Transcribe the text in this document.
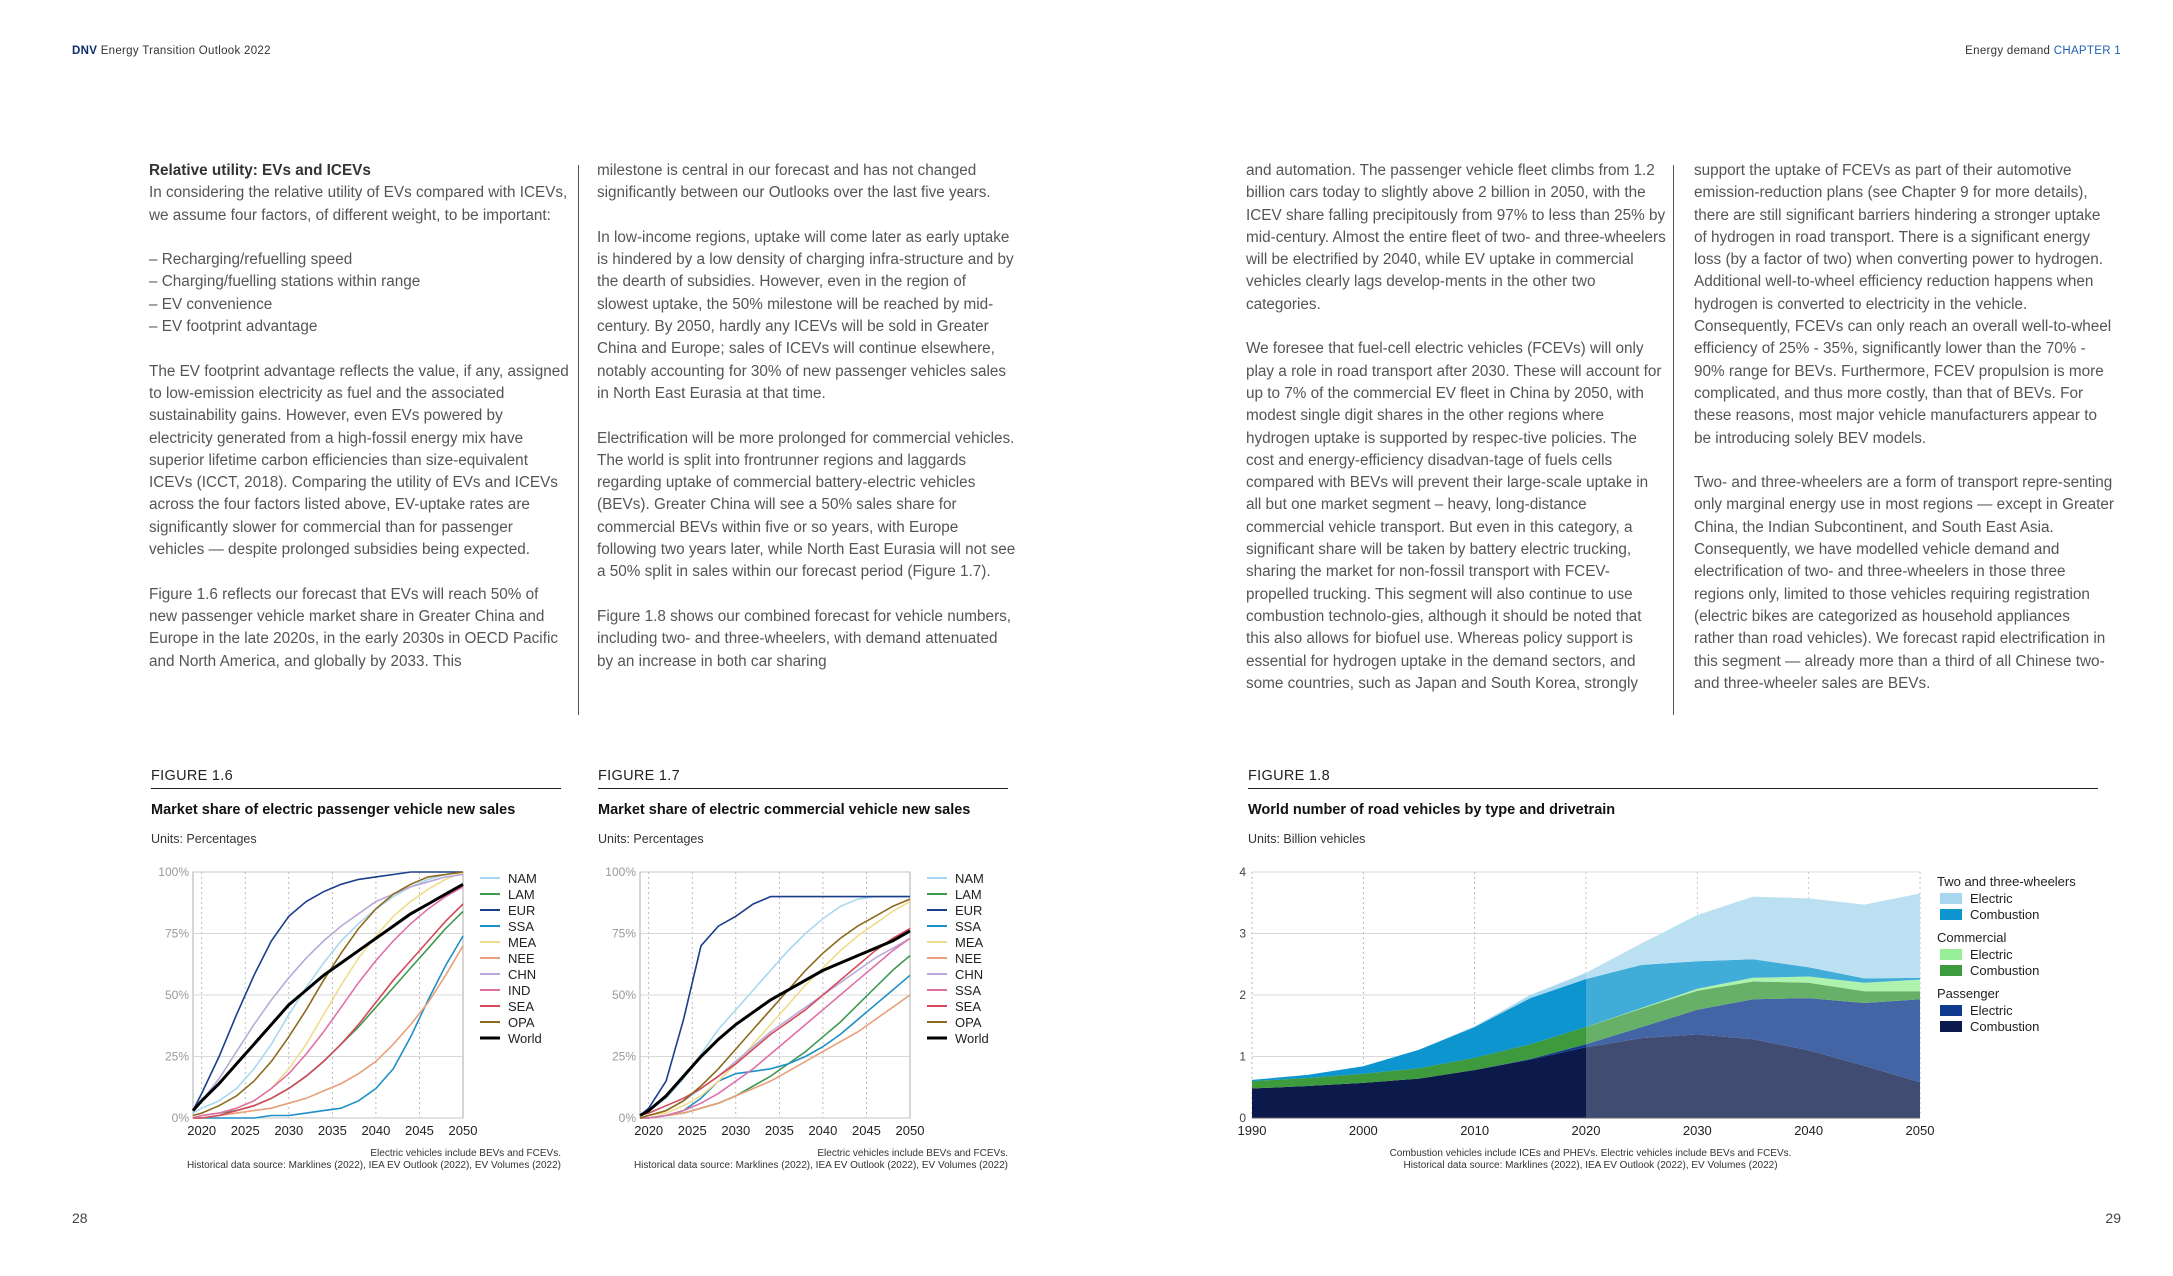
DNV Energy Transition Outlook 2022	Energy demand CHAPTER 1
Relative utility: EVs and ICEVs

In considering the relative utility of EVs compared with ICEVs, we assume four factors, of different weight, to be important:

– Recharging/refuelling speed
– Charging/fuelling stations within range
– EV convenience
– EV footprint advantage

The EV footprint advantage reflects the value, if any, assigned to low-emission electricity as fuel and the associated sustainability gains. However, even EVs powered by electricity generated from a high-fossil energy mix have superior lifetime carbon efficiencies than size-equivalent ICEVs (ICCT, 2018). Comparing the utility of EVs and ICEVs across the four factors listed above, EV-uptake rates are significantly slower for commercial than for passenger vehicles — despite prolonged subsidies being expected.

Figure 1.6 reflects our forecast that EVs will reach 50% of new passenger vehicle market share in Greater China and Europe in the late 2020s, in the early 2030s in OECD Pacific and North America, and globally by 2033. This

milestone is central in our forecast and has not changed significantly between our Outlooks over the last five years.

In low-income regions, uptake will come later as early uptake is hindered by a low density of charging infra-structure and by the dearth of subsidies. However, even in the region of slowest uptake, the 50% milestone will be reached by mid-century. By 2050, hardly any ICEVs will be sold in Greater China and Europe; sales of ICEVs will continue elsewhere, notably accounting for 30% of new passenger vehicles sales in North East Eurasia at that time.

Electrification will be more prolonged for commercial vehicles. The world is split into frontrunner regions and laggards regarding uptake of commercial battery-electric vehicles (BEVs). Greater China will see a 50% sales share for commercial BEVs within five or so years, with Europe following two years later, while North East Eurasia will not see a 50% split in sales within our forecast period (Figure 1.7).

Figure 1.8 shows our combined forecast for vehicle numbers, including two- and three-wheelers, with demand attenuated by an increase in both car sharing

and automation. The passenger vehicle fleet climbs from 1.2 billion cars today to slightly above 2 billion in 2050, with the ICEV share falling precipitously from 97% to less than 25% by mid-century. Almost the entire fleet of two- and three-wheelers will be electrified by 2040, while EV uptake in commercial vehicles clearly lags develop-ments in the other two categories.

We foresee that fuel-cell electric vehicles (FCEVs) will only play a role in road transport after 2030. These will account for up to 7% of the commercial EV fleet in China by 2050, with modest single digit shares in the other regions where hydrogen uptake is supported by respec-tive policies. The cost and energy-efficiency disadvan-tage of fuels cells compared with BEVs will prevent their large-scale uptake in all but one market segment – heavy, long-distance commercial vehicle transport. But even in this category, a significant share will be taken by battery electric trucking, sharing the market for non-fossil transport with FCEV-propelled trucking. This segment will also continue to use combustion technolo-gies, although it should be noted that this also allows for biofuel use. Whereas policy support is essential for hydrogen uptake in the demand sectors, and some countries, such as Japan and South Korea, strongly

support the uptake of FCEVs as part of their automotive emission-reduction plans (see Chapter 9 for more details), there are still significant barriers hindering a stronger uptake of hydrogen in road transport. There is a significant energy loss (by a factor of two) when converting power to hydrogen. Additional well-to-wheel efficiency reduction happens when hydrogen is converted to electricity in the vehicle. Consequently, FCEVs can only reach an overall well-to-wheel efficiency of 25% - 35%, significantly lower than the 70% - 90% range for BEVs. Furthermore, FCEV propulsion is more complicated, and thus more costly, than that of BEVs. For these reasons, most major vehicle manufacturers appear to be introducing solely BEV models.

Two- and three-wheelers are a form of transport repre-senting only marginal energy use in most regions — except in Greater China, the Indian Subcontinent, and South East Asia. Consequently, we have modelled vehicle demand and electrification of two- and three-wheelers in those three regions only, limited to those vehicles requiring registration (electric bikes are categorized as household appliances rather than road vehicles). We forecast rapid electrification in this segment — already more than a third of all Chinese two- and three-wheeler sales are BEVs.

FIGURE 1.6
Market share of electric passenger vehicle new sales
Units: Percentages
2020 2025 2030 2035 2040 2045 2050
0%
25%
50%
75%
100%	NAM
LAM
EUR
SSA
MEA
NEE
CHN
IND
SEA
OPA
World
Electric vehicles include BEVs and FCEVs.
Historical data source: Marklines (2022), IEA EV Outlook (2022), EV Volumes (2022)
FIGURE 1.7
Market share of electric commercial vehicle new sales
Units: Percentages
2020 2025 2030 2035 2040 2045 2050
0%
25%
50%
75%
100%	NAM
LAM
EUR
SSA
MEA
NEE
CHN
SSA
SEA
OPA
World
Electric vehicles include BEVs and FCEVs.
Historical data source: Marklines (2022), IEA EV Outlook (2022), EV Volumes (2022)
FIGURE 1.8
World number of road vehicles by type and drivetrain
Units: Billion vehicles
0
1
2
3
4
1990	2000	2010	2020	2030	2040	2050
Two and three-wheelers
Electric
Combustion
Commercial
Electric
Combustion
Passenger
Electric
Combustion
Combustion vehicles include ICEs and PHEVs. Electric vehicles include BEVs and FCEVs.
Historical data source: Marklines (2022), IEA EV Outlook (2022), EV Volumes (2022)
28	29
